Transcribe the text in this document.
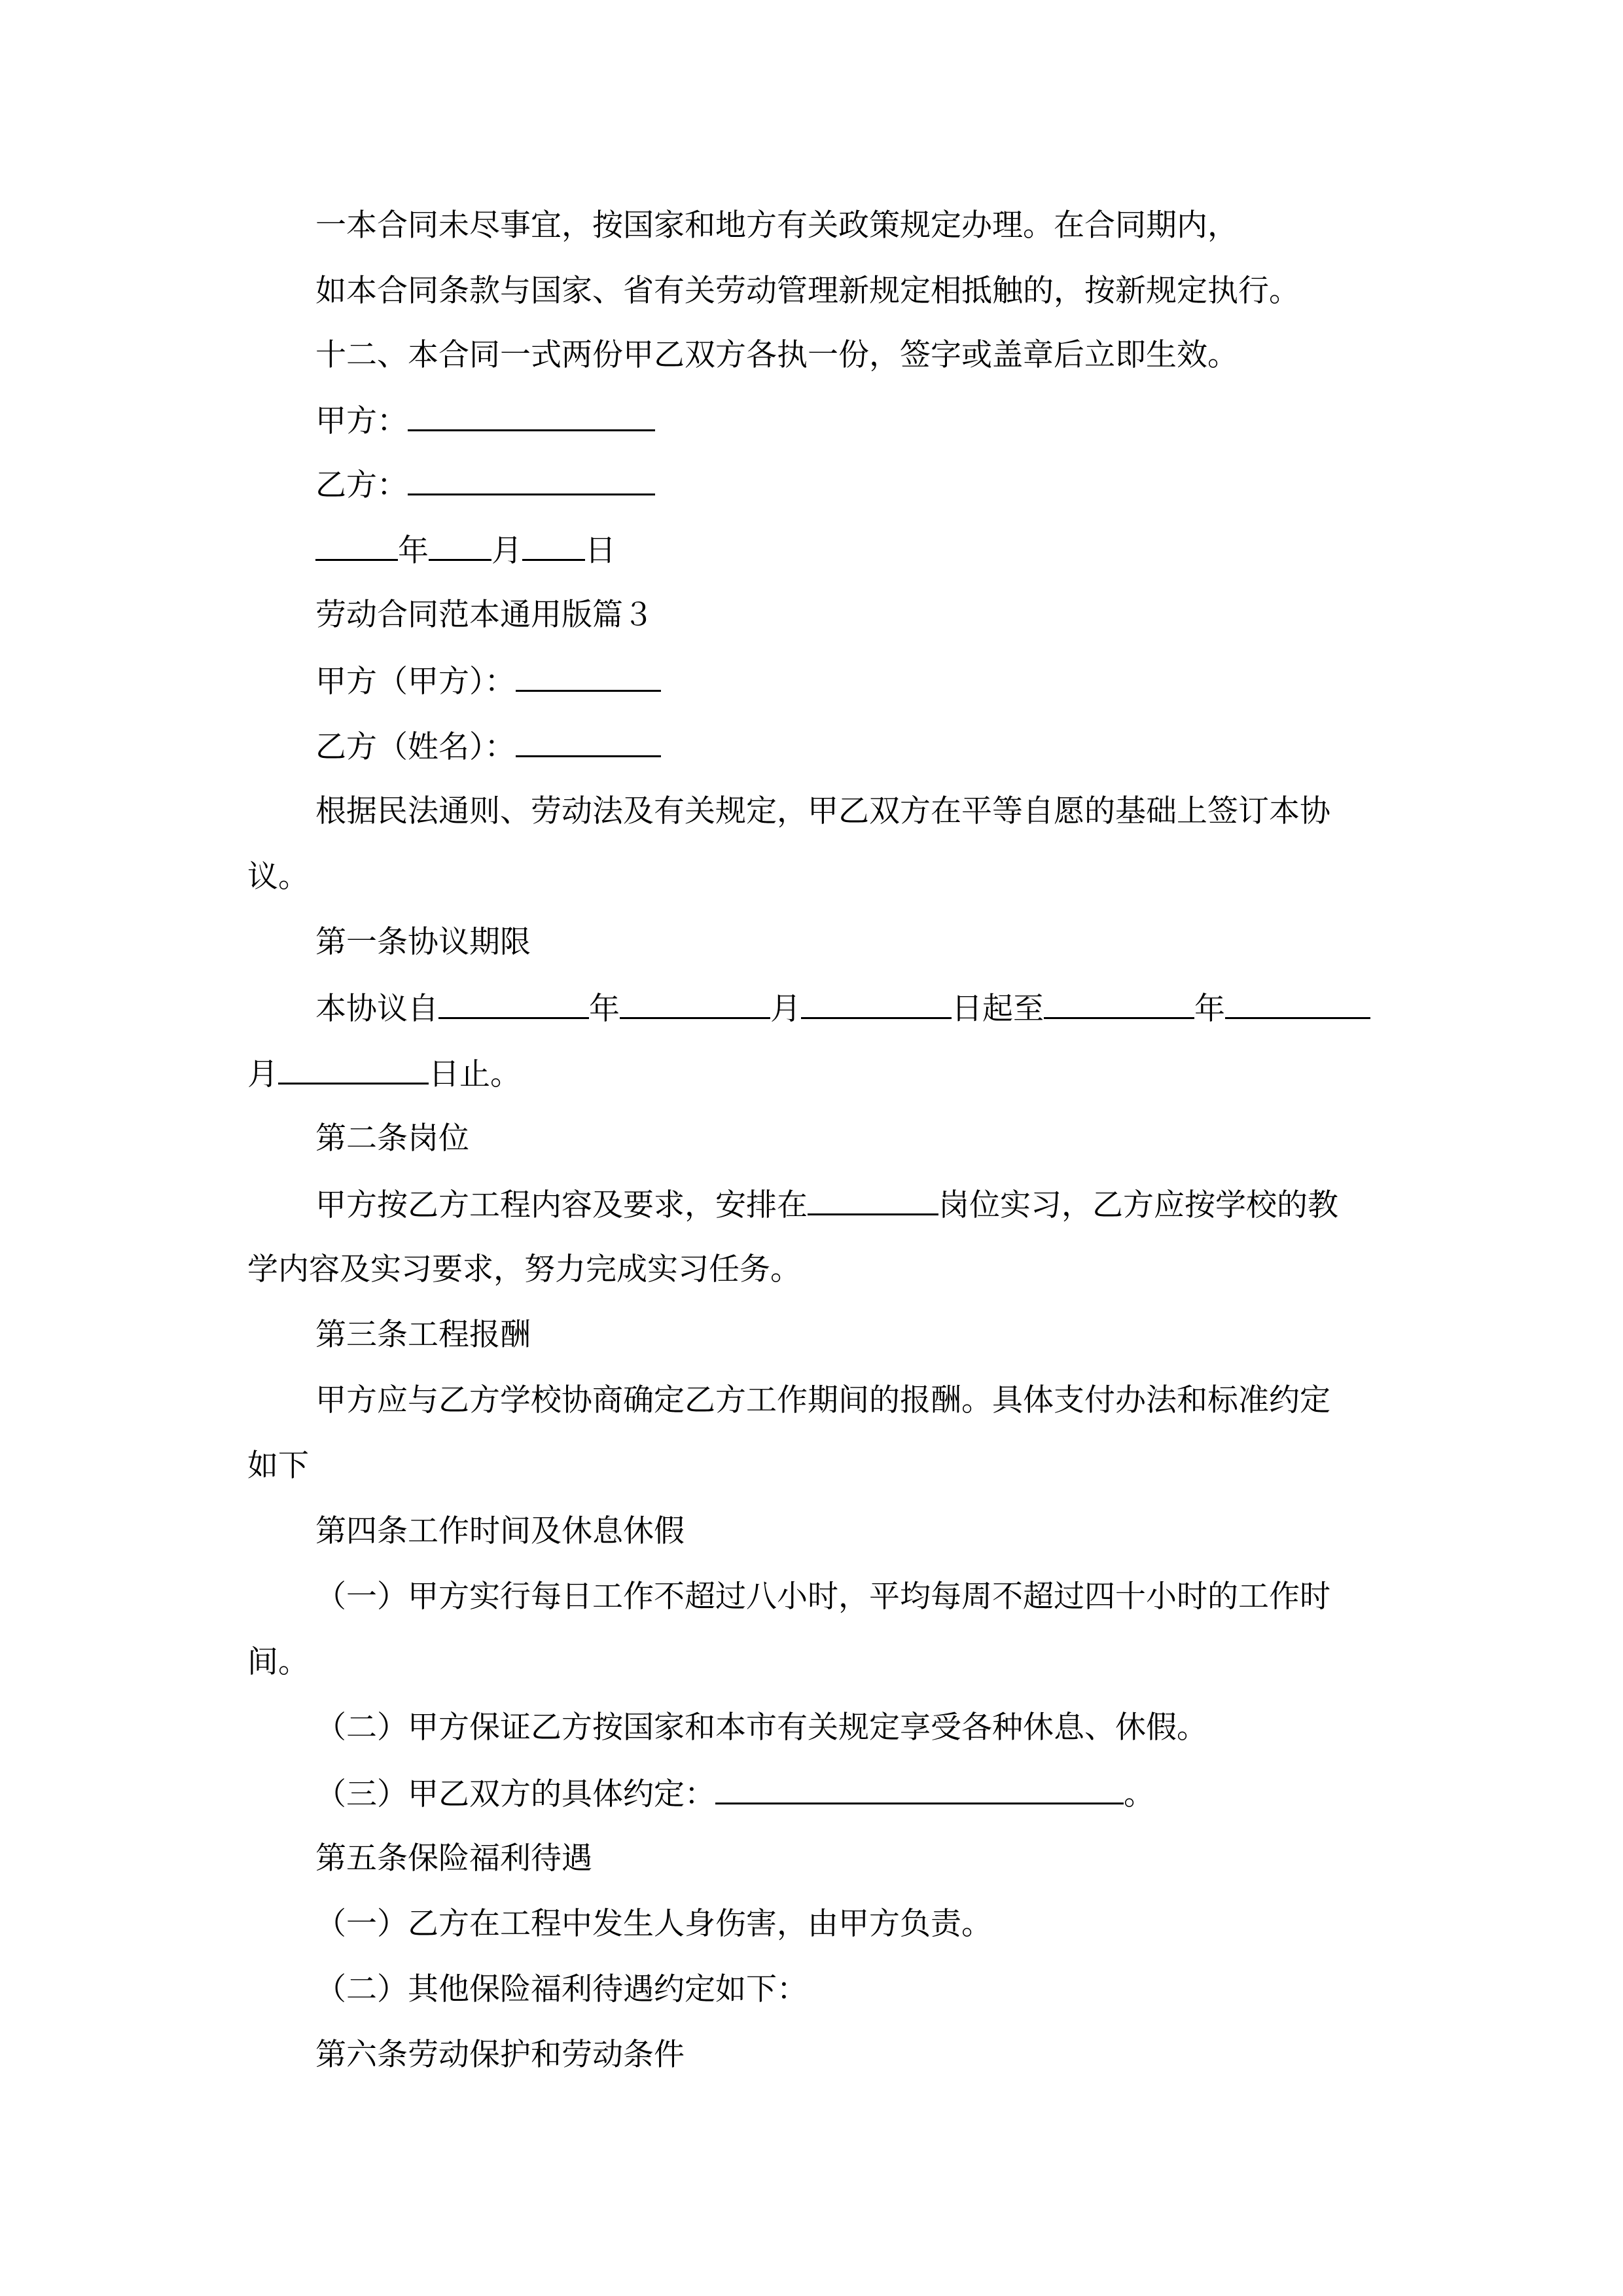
一本合同未尽事宜，按国家和地方有关政策规定办理。在合同期内，
如本合同条款与国家、省有关劳动管理新规定相抵触的，按新规定执行。
十二、本合同一式两份甲乙双方各执一份，签字或盖章后立即生效。
甲方：
乙方：
年 月 日
劳动合同范本通用版篇３
甲方（甲方）：
乙方（姓名）：
根据民法通则、劳动法及有关规定，甲乙双方在平等自愿的基础上签订本协
议。
第一条协议期限
本协议自	年	月	日起至	年
月	日止。
第二条岗位
甲方按乙方工程内容及要求，安排在	岗位实习，乙方应按学校的教
学内容及实习要求，努力完成实习任务。
第三条工程报酬
甲方应与乙方学校协商确定乙方工作期间的报酬。具体支付办法和标准约定
如下
第四条工作时间及休息休假
（一）甲方实行每日工作不超过八小时，平均每周不超过四十小时的工作时
间。
（二）甲方保证乙方按国家和本市有关规定享受各种休息、休假。
（三）甲乙双方的具体约定：	。
第五条保险福利待遇
（一）乙方在工程中发生人身伤害，由甲方负责。
（二）其他保险福利待遇约定如下：
第六条劳动保护和劳动条件
